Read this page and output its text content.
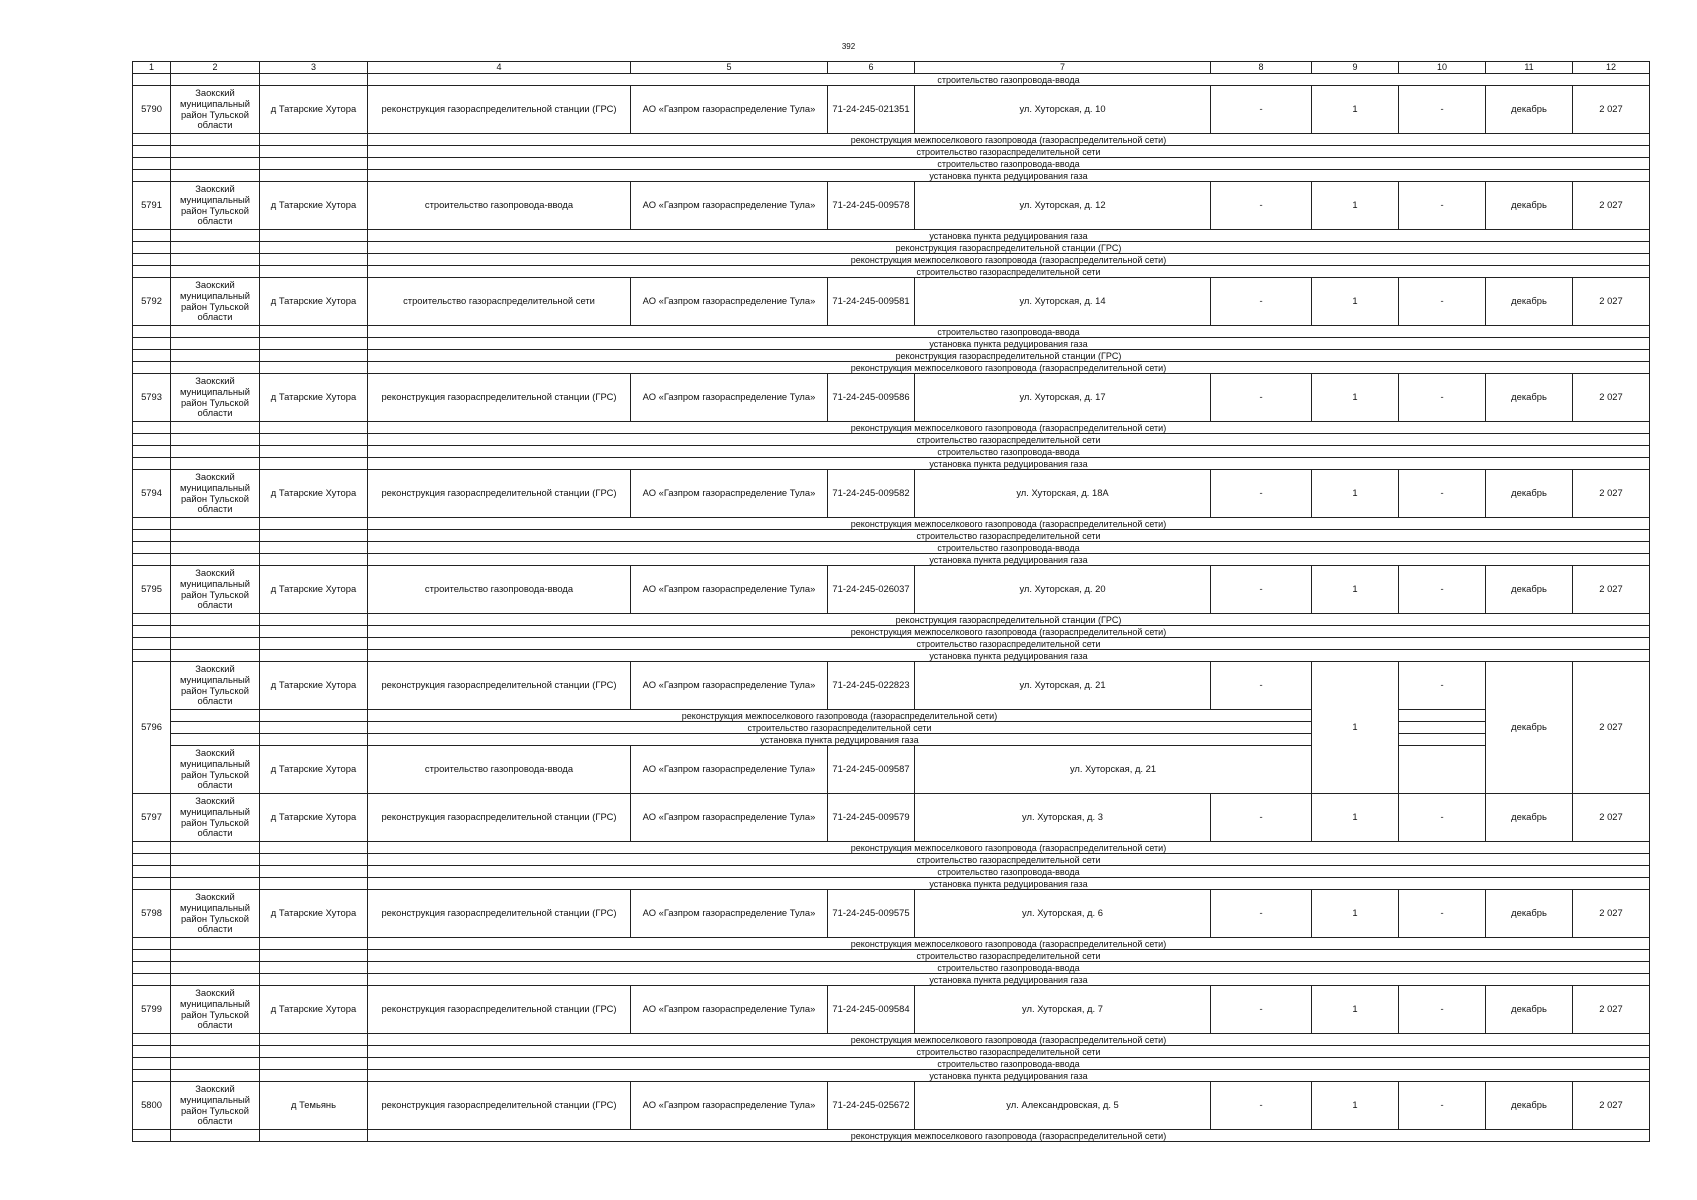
392
1	2	3	4	5	6	7	8	9	10	11	12
			строительство газопровода-ввода								
5790	Заокский муниципальный район Тульской области	д Татарские Хутора	реконструкция газораспределительной станции (ГРС)	АО «Газпром газораспределение Тула»	71-24-245-021351	ул. Хуторская, д. 10	-	1	-	декабрь	2 027
			реконструкция межпоселкового газопровода (газораспределительной сети)								
			строительство газораспределительной сети								
			строительство газопровода-ввода								
			установка пункта редуцирования газа								
5791	Заокский муниципальный район Тульской области	д Татарские Хутора	строительство газопровода-ввода	АО «Газпром газораспределение Тула»	71-24-245-009578	ул. Хуторская, д. 12	-	1	-	декабрь	2 027
			установка пункта редуцирования газа								
			реконструкция газораспределительной станции (ГРС)								
			реконструкция межпоселкового газопровода (газораспределительной сети)								
			строительство газораспределительной сети								
5792	Заокский муниципальный район Тульской области	д Татарские Хутора	строительство газораспределительной сети	АО «Газпром газораспределение Тула»	71-24-245-009581	ул. Хуторская, д. 14	-	1	-	декабрь	2 027
			строительство газопровода-ввода								
			установка пункта редуцирования газа								
			реконструкция газораспределительной станции (ГРС)								
			реконструкция межпоселкового газопровода (газораспределительной сети)								
5793	Заокский муниципальный район Тульской области	д Татарские Хутора	реконструкция газораспределительной станции (ГРС)	АО «Газпром газораспределение Тула»	71-24-245-009586	ул. Хуторская, д. 17	-	1	-	декабрь	2 027
			реконструкция межпоселкового газопровода (газораспределительной сети)								
			строительство газораспределительной сети								
			строительство газопровода-ввода								
			установка пункта редуцирования газа								
5794	Заокский муниципальный район Тульской области	д Татарские Хутора	реконструкция газораспределительной станции (ГРС)	АО «Газпром газораспределение Тула»	71-24-245-009582	ул. Хуторская, д. 18А	-	1	-	декабрь	2 027
			реконструкция межпоселкового газопровода (газораспределительной сети)								
			строительство газораспределительной сети								
			строительство газопровода-ввода								
			установка пункта редуцирования газа								
5795	Заокский муниципальный район Тульской области	д Татарские Хутора	строительство газопровода-ввода	АО «Газпром газораспределение Тула»	71-24-245-026037	ул. Хуторская, д. 20	-	1	-	декабрь	2 027
			реконструкция газораспределительной станции (ГРС)								
			реконструкция межпоселкового газопровода (газораспределительной сети)								
			строительство газораспределительной сети								
			установка пункта редуцирования газа								
5796	Заокский муниципальный район Тульской области	д Татарские Хутора	реконструкция газораспределительной станции (ГРС)	АО «Газпром газораспределение Тула»	71-24-245-022823	ул. Хуторская, д. 21	-	1	-	декабрь	2 027
			реконструкция межпоселкового газопровода (газораспределительной сети)								
			строительство газораспределительной сети								
			установка пункта редуцирования газа								
	Заокский муниципальный район Тульской области	д Татарские Хутора	строительство газопровода-ввода	АО «Газпром газораспределение Тула»	71-24-245-009587	ул. Хуторская, д. 21					
5797	Заокский муниципальный район Тульской области	д Татарские Хутора	реконструкция газораспределительной станции (ГРС)	АО «Газпром газораспределение Тула»	71-24-245-009579	ул. Хуторская, д. 3	-	1	-	декабрь	2 027
			реконструкция межпоселкового газопровода (газораспределительной сети)								
			строительство газораспределительной сети								
			строительство газопровода-ввода								
			установка пункта редуцирования газа								
5798	Заокский муниципальный район Тульской области	д Татарские Хутора	реконструкция газораспределительной станции (ГРС)	АО «Газпром газораспределение Тула»	71-24-245-009575	ул. Хуторская, д. 6	-	1	-	декабрь	2 027
			реконструкция межпоселкового газопровода (газораспределительной сети)								
			строительство газораспределительной сети								
			строительство газопровода-ввода								
			установка пункта редуцирования газа								
5799	Заокский муниципальный район Тульской области	д Татарские Хутора	реконструкция газораспределительной станции (ГРС)	АО «Газпром газораспределение Тула»	71-24-245-009584	ул. Хуторская, д. 7	-	1	-	декабрь	2 027
			реконструкция межпоселкового газопровода (газораспределительной сети)								
			строительство газораспределительной сети								
			строительство газопровода-ввода								
			установка пункта редуцирования газа								
5800	Заокский муниципальный район Тульской области	д Темьянь	реконструкция газораспределительной станции (ГРС)	АО «Газпром газораспределение Тула»	71-24-245-025672	ул. Александровская, д. 5	-	1	-	декабрь	2 027
			реконструкция межпоселкового газопровода (газораспределительной сети)								
